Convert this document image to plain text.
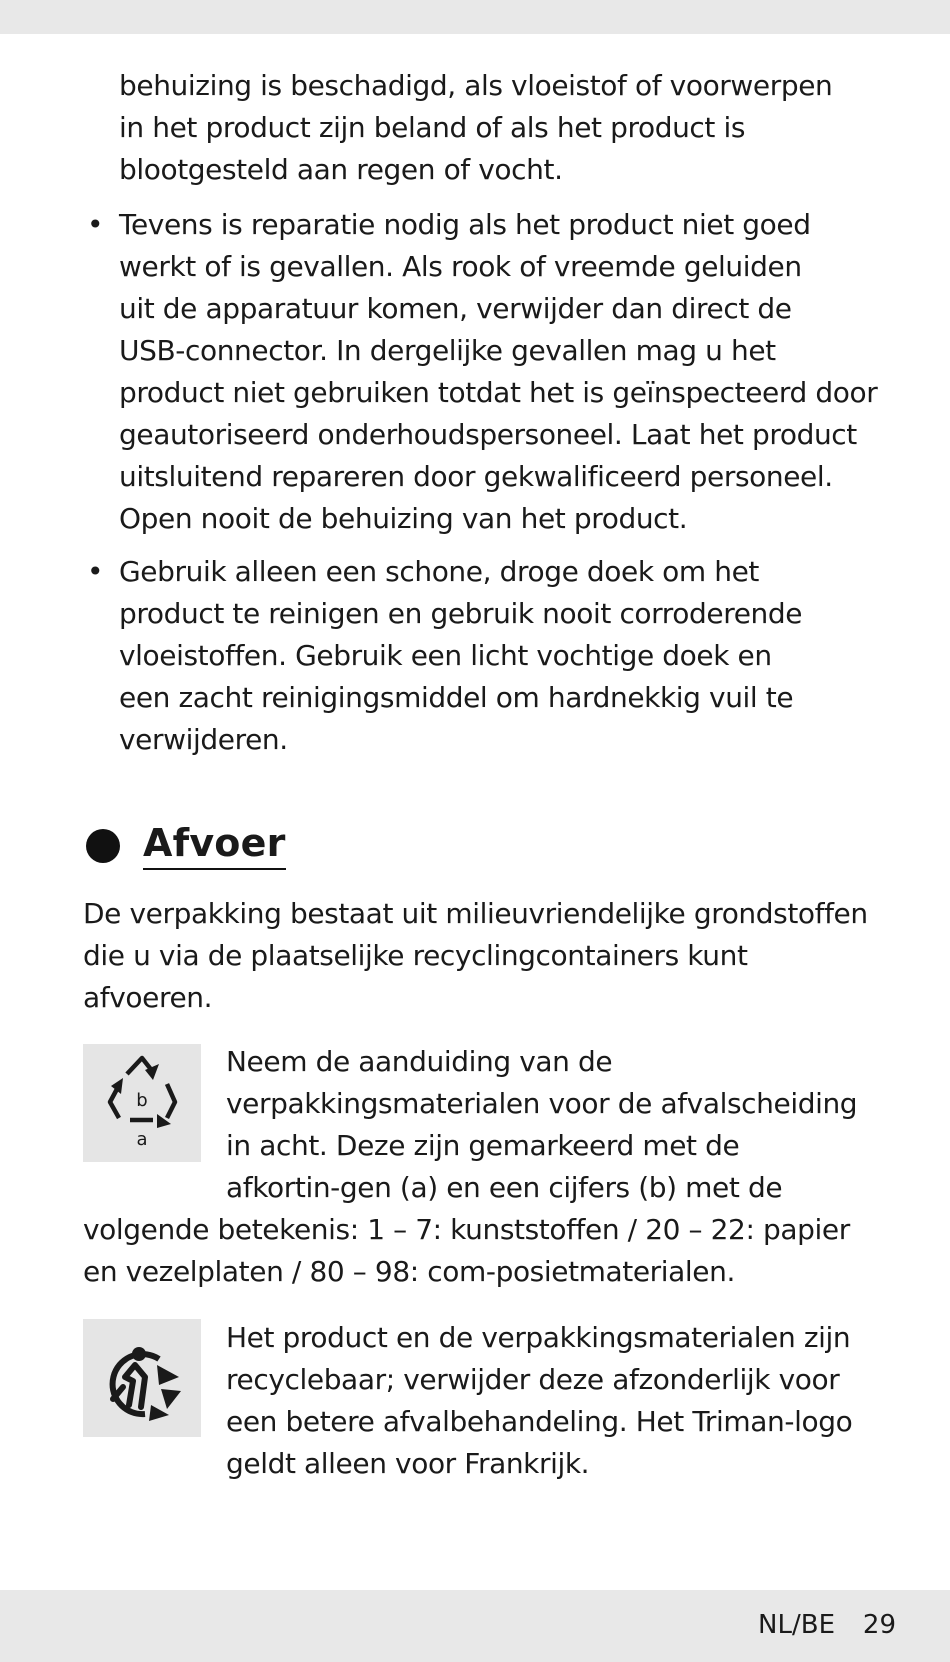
behuizing is beschadigd, als vloeistof of voorwerpen
in het product zijn beland of als het product is
blootgesteld aan regen of vocht.

•

Tevens is reparatie nodig als het product niet goed
werkt of is gevallen. Als rook of vreemde geluiden
uit de apparatuur komen, verwijder dan direct de
USB-connector. In dergelijke gevallen mag u het
product niet gebruiken totdat het is geïnspecteerd door
geautoriseerd onderhoudspersoneel. Laat het product
uitsluitend repareren door gekwalificeerd personeel.
Open nooit de behuizing van het product.

•

Gebruik alleen een schone, droge doek om het
product te reinigen en gebruik nooit corroderende
vloeistoffen. Gebruik een licht vochtige doek en
een zacht reinigingsmiddel om hardnekkig vuil te
verwijderen.

Afvoer

De verpakking bestaat uit milieuvriendelijke grondstoffen
die u via de plaatselijke recyclingcontainers kunt
afvoeren.

b
a

Neem de aanduiding van de
verpakkingsmaterialen voor de afvalscheiding
in acht. Deze zijn gemarkeerd met de
afkortin-gen (a) en een cijfers (b) met de

volgende betekenis: 1 – 7: kunststoffen / 20 – 22: papier
en vezelplaten / 80 – 98: com-posietmaterialen.

Het product en de verpakkingsmaterialen zijn
recyclebaar; verwijder deze afzonderlijk voor
een betere afvalbehandeling. Het Triman-logo
geldt alleen voor Frankrijk.

NL/BE 29
